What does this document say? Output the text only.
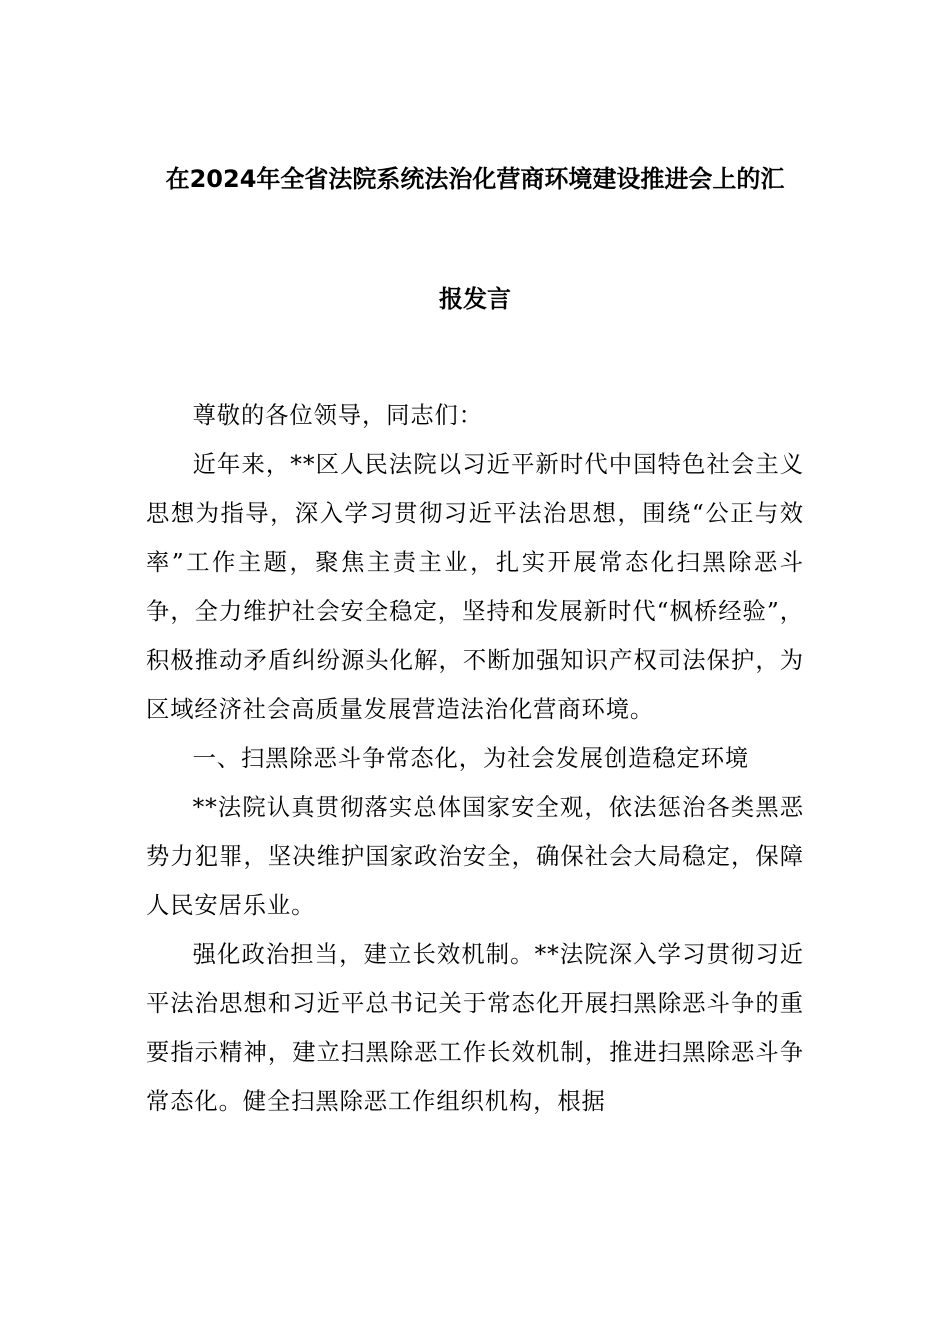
在2024年全省法院系统法治化营商环境建设推进会上的汇
报发言

尊敬的各位领导，同志们：

近年来，**区人民法院以习近平新时代中国特色社会主义思想为指导，深入学习贯彻习近平法治思想，围绕“公正与效率”工作主题，聚焦主责主业，扎实开展常态化扫黑除恶斗争，全力维护社会安全稳定，坚持和发展新时代“枫桥经验”，积极推动矛盾纠纷源头化解，不断加强知识产权司法保护，为区域经济社会高质量发展营造法治化营商环境。

一、扫黑除恶斗争常态化，为社会发展创造稳定环境

**法院认真贯彻落实总体国家安全观，依法惩治各类黑恶势力犯罪，坚决维护国家政治安全，确保社会大局稳定，保障人民安居乐业。

强化政治担当，建立长效机制。**法院深入学习贯彻习近平法治思想和习近平总书记关于常态化开展扫黑除恶斗争的重要指示精神，建立扫黑除恶工作长效机制，推进扫黑除恶斗争常态化。健全扫黑除恶工作组织机构，根据
